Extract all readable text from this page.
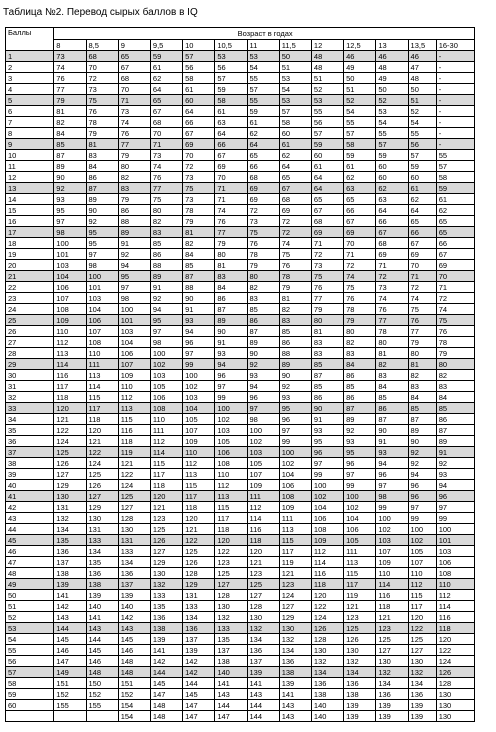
Таблица №2. Перевод сырых баллов в IQ
Баллы	Возраст в годах												
	8	8,5	9	9,5	10	10,5	11	11,5	12	12,5	13	13,5	16-30
1	73	68	65	59	57	53	53	50	48	46	46	46	-
2	74	70	67	61	56	56	54	51	48	49	48	47	-
3	76	72	68	62	58	57	55	53	51	50	49	48	-
4	77	73	70	64	61	59	57	54	52	51	50	50	-
5	79	75	71	65	60	58	55	53	53	52	52	51	-
6	81	76	73	67	64	61	59	57	55	54	53	52	-
7	82	78	74	68	66	63	61	58	56	55	54	54	-
8	84	79	76	70	67	64	62	60	57	57	55	55	-
9	85	81	77	71	69	66	64	61	59	58	57	56	-
10	87	83	79	73	70	67	65	62	60	59	59	57	55
11	89	84	80	74	72	69	66	64	61	61	60	59	57
12	90	86	82	76	73	70	68	65	64	62	60	60	58
13	92	87	83	77	75	71	69	67	64	63	62	61	59
14	93	89	79	75	73	71	69	68	65	65	63	62	61
15	95	90	86	80	78	74	72	69	67	66	64	64	62
16	97	92	88	82	79	76	73	72	68	67	66	65	65
17	98	95	89	83	81	77	75	72	69	69	67	66	65
18	100	95	91	85	82	79	76	74	71	70	68	67	66
19	101	97	92	86	84	80	78	75	72	71	69	69	67
20	103	98	94	88	85	81	79	76	73	72	71	70	69
21	104	100	95	89	87	83	80	78	75	74	72	71	70
22	106	101	97	91	88	84	82	79	76	75	73	72	71
23	107	103	98	92	90	86	83	81	77	76	74	74	72
24	108	104	100	94	91	87	85	82	79	78	76	75	74
25	109	106	101	95	93	89	86	83	80	79	77	76	75
26	110	107	103	97	94	90	87	85	81	80	78	77	76
27	112	108	104	98	96	91	89	86	83	82	80	79	78
28	113	110	106	100	97	93	90	88	83	83	81	80	79
29	114	111	107	102	99	94	92	89	85	84	82	81	80
30	116	113	109	103	100	96	93	90	87	86	83	82	82
31	117	114	110	105	102	97	94	92	85	85	84	83	83
32	118	115	112	106	103	99	96	93	86	86	85	84	84
33	120	117	113	108	104	100	97	95	90	87	86	85	85
34	121	118	115	110	105	102	98	96	91	89	87	87	86
35	122	120	116	111	107	103	100	97	93	92	90	89	87
36	124	121	118	112	109	105	102	99	95	93	91	90	89
37	125	122	119	114	110	106	103	100	96	95	93	92	91
38	126	124	121	115	112	108	105	102	97	96	94	92	92
39	127	125	122	117	113	110	107	104	99	97	96	94	93
40	129	126	124	118	115	112	109	106	100	99	97	96	94
41	130	127	125	120	117	113	111	108	102	100	98	96	96
42	131	129	127	121	118	115	112	109	104	102	99	97	97
43	132	130	128	123	120	117	114	111	106	104	100	99	99
44	134	131	130	125	121	118	116	113	108	106	102	100	100
45	135	133	131	126	122	120	118	115	109	105	103	102	101
46	136	134	133	127	125	122	120	117	112	111	107	105	103
47	137	135	134	129	126	123	121	119	114	113	109	107	106
48	138	136	136	130	128	125	123	121	116	115	110	110	108
49	139	138	137	132	129	127	125	123	118	117	114	112	110
50	141	139	139	133	131	128	127	124	120	119	116	115	112
51	142	140	140	135	133	130	128	127	122	121	118	117	114
52	143	141	142	136	134	132	130	129	124	123	121	120	116
53	144	143	143	138	136	133	132	130	126	125	123	122	118
54	145	144	145	139	137	135	134	132	128	126	125	125	120
55	146	145	146	141	139	137	136	134	130	130	127	127	122
56	147	146	148	142	142	138	137	136	132	132	130	130	124
57	149	148	148	144	142	140	139	138	134	134	132	132	126
58	151	150	151	145	144	141	141	139	136	136	134	134	128
59	152	152	152	147	145	143	143	141	138	138	136	136	130
60	155	155	154	148	147	144	144	143	140	139	139	139	130
			154	148	147	147	144	143	140	139	139	139	130
